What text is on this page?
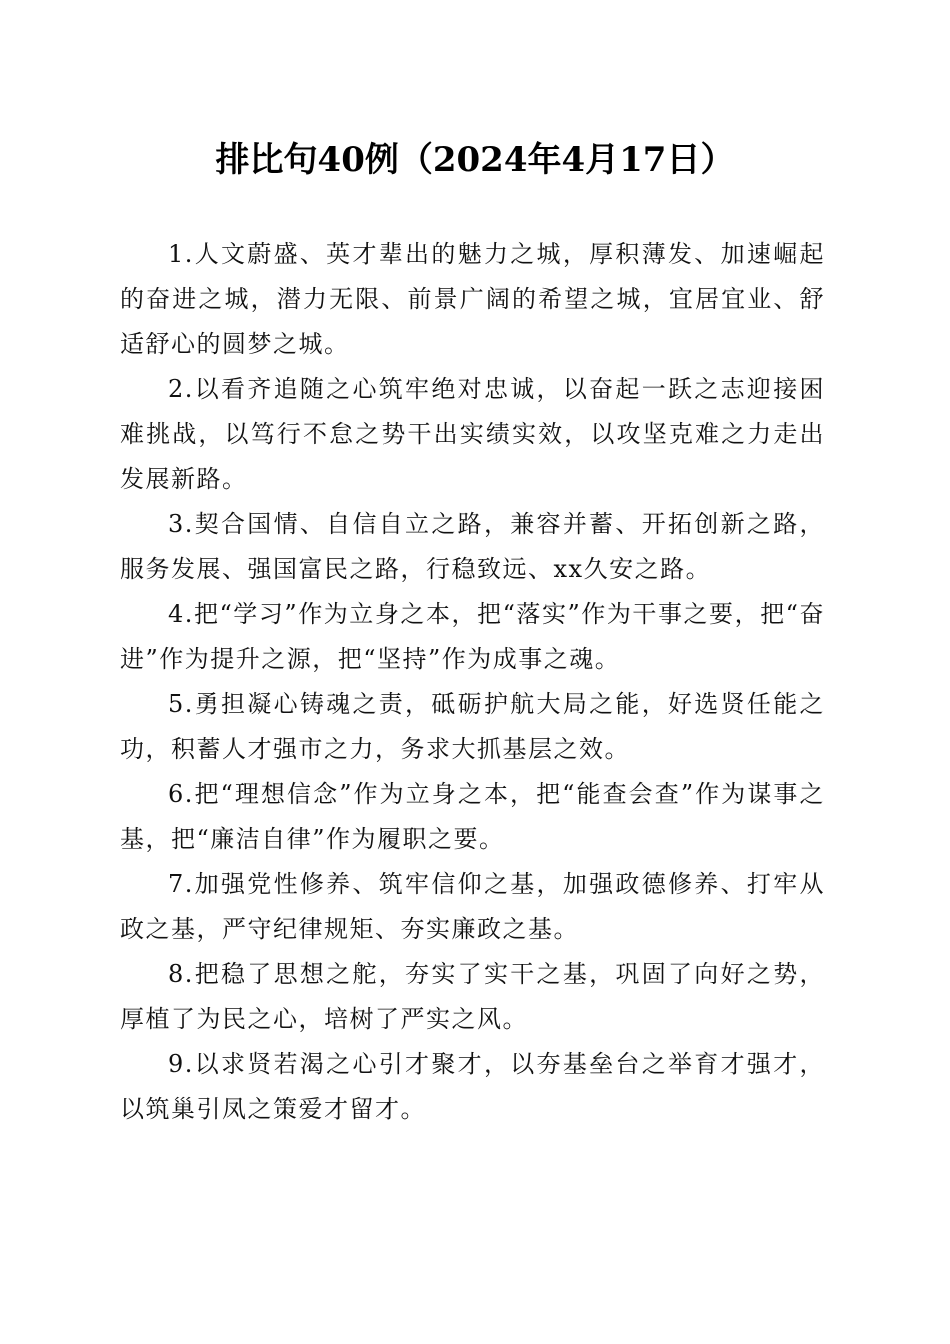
排比句40例（2024年4月17日）

1.人文蔚盛、英才辈出的魅力之城，厚积薄发、加速崛起的奋进之城，潜力无限、前景广阔的希望之城，宜居宜业、舒适舒心的圆梦之城。

2.以看齐追随之心筑牢绝对忠诚，以奋起一跃之志迎接困难挑战，以笃行不怠之势干出实绩实效，以攻坚克难之力走出发展新路。

3.契合国情、自信自立之路，兼容并蓄、开拓创新之路，服务发展、强国富民之路，行稳致远、xx久安之路。

4.把“学习”作为立身之本，把“落实”作为干事之要，把“奋进”作为提升之源，把“坚持”作为成事之魂。

5.勇担凝心铸魂之责，砥砺护航大局之能，好选贤任能之功，积蓄人才强市之力，务求大抓基层之效。

6.把“理想信念”作为立身之本，把“能查会查”作为谋事之基，把“廉洁自律”作为履职之要。

7.加强党性修养、筑牢信仰之基，加强政德修养、打牢从政之基，严守纪律规矩、夯实廉政之基。

8.把稳了思想之舵，夯实了实干之基，巩固了向好之势，厚植了为民之心，培树了严实之风。

9.以求贤若渴之心引才聚才，以夯基垒台之举育才强才，以筑巢引凤之策爱才留才。
